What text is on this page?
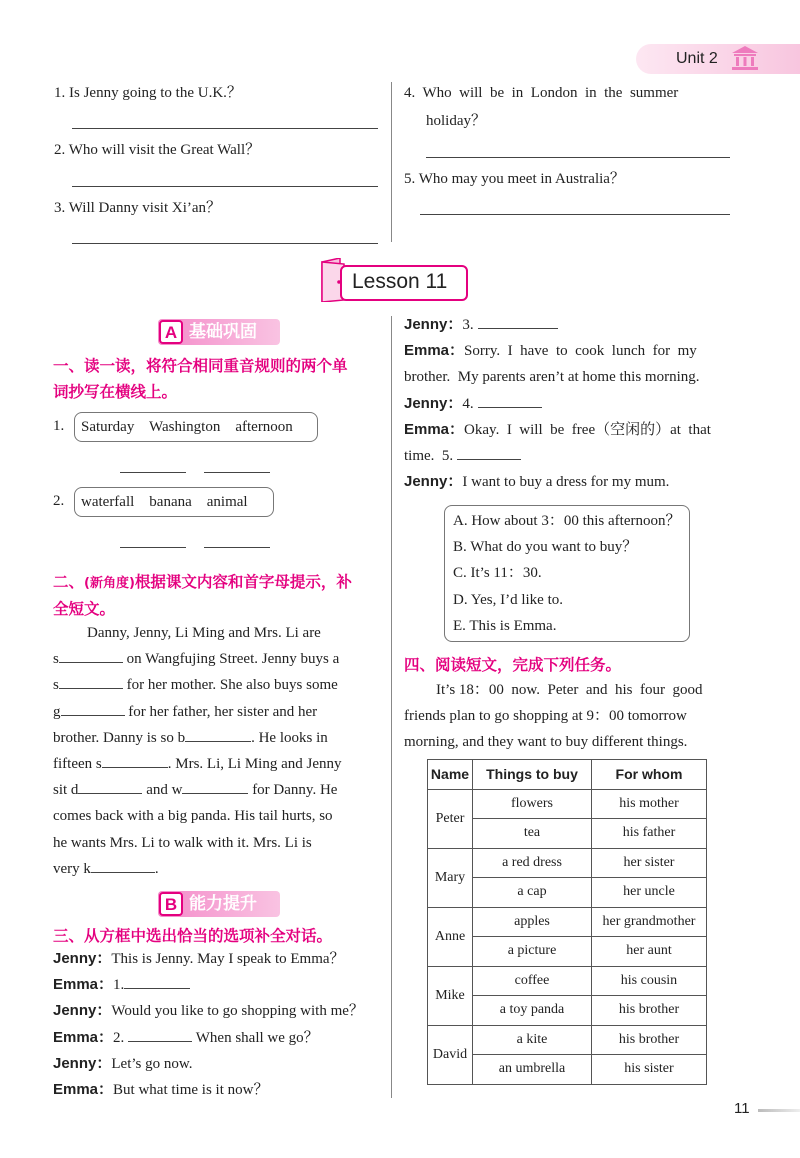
Unit 2
1. Is Jenny going to the U.K.？
2. Who will visit the Great Wall？
3. Will Danny visit Xi’an？
4.  Who  will  be  in  London  in  the  summer
holiday？
5. Who may you meet in Australia？
Lesson 11
A 基础巩固
一、读一读，将符合相同重音规则的两个单
词抄写在横线上。
1.	Saturday    Washington    afternoon
2.	waterfall    banana    animal
二、(新角度)根据课文内容和首字母提示，补
全短文。
Danny, Jenny, Li Ming and Mrs. Li are
s	on Wangfujing Street. Jenny buys a
s	for her mother. She also buys some
g	for her father, her sister and her
brother. Danny is so b	. He looks in
fifteen s	. Mrs. Li, Li Ming and Jenny
sit d	and w	for Danny. He
comes back with a big panda. His tail hurts, so
he wants Mrs. Li to walk with it. Mrs. Li is
very k	.
B 能力提升
三、从方框中选出恰当的选项补全对话。
Jenny：This is Jenny. May I speak to Emma？
Emma：1.
Jenny：Would you like to go shopping with me？
Emma：2.	When shall we go？
Jenny：Let’s go now.
Emma：But what time is it now？
Jenny：3.
Emma：Sorry.  I  have  to  cook  lunch  for  my
brother.  My parents aren’t at home this morning.
Jenny：4.
Emma：Okay.  I  will  be  free（空闲的）at  that
time.  5.
Jenny：I want to buy a dress for my mum.
A. How about 3：00 this afternoon？
B. What do you want to buy？
C. It’s 11：30.
D. Yes, I’d like to.
E. This is Emma.
四、阅读短文，完成下列任务。
It’s 18：00  now.  Peter  and  his  four  good
friends plan to go shopping at 9：00 tomorrow
morning, and they want to buy different things.
Name	Things to buy	For whom
Peter	flowers	his mother
	tea	his father
Mary	a red dress	her sister
	a cap	her uncle
Anne	apples	her grandmother
	a picture	her aunt
Mike	coffee	his cousin
	a toy panda	his brother
David	a kite	his brother
	an umbrella	his sister
11
